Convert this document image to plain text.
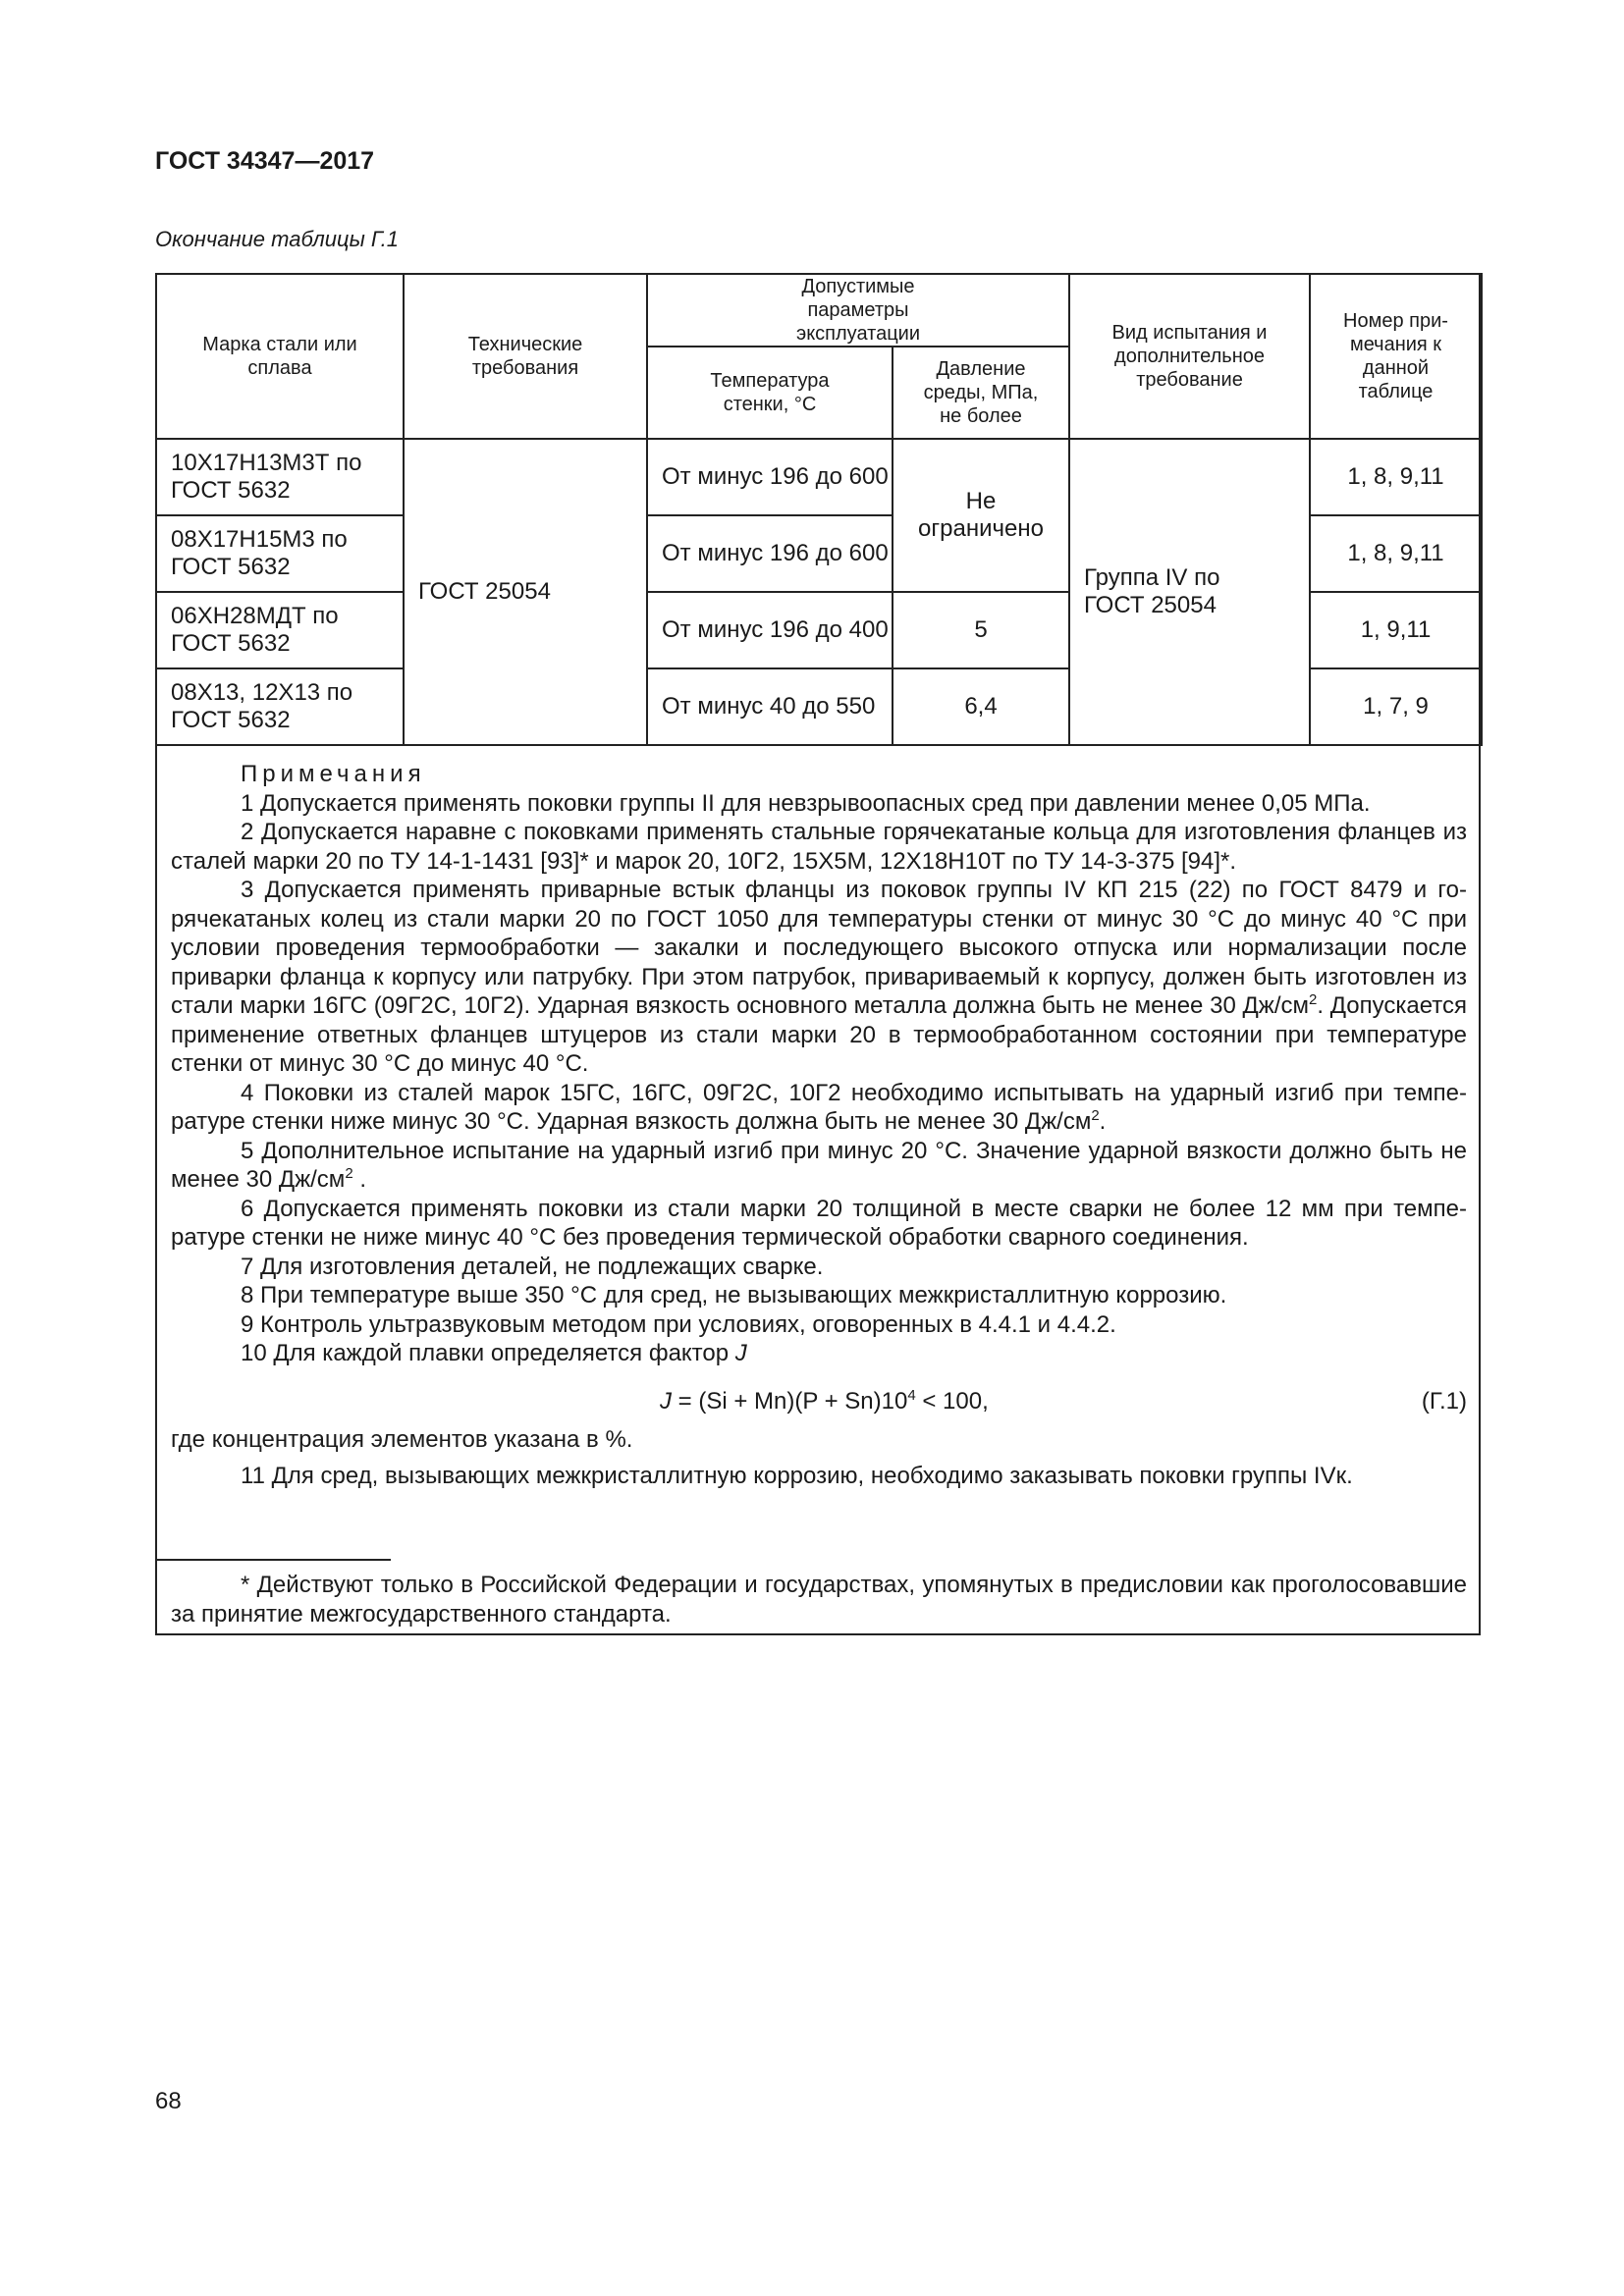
ГОСТ 34347—2017
Окончание таблицы Г.1
Марка стали или сплава	Технические требования	Допустимые параметры эксплуатации		Вид испытания и дополнительное требование	Номер примечания к данной таблице
		Температура стенки, °С	Давление среды, МПа, не более		
10Х17Н13М3Т по ГОСТ 5632	ГОСТ 25054	От минус 196 до 600	Не ограничено	Группа IV по ГОСТ 25054	1, 8, 9,11
08Х17Н15М3 по ГОСТ 5632		От минус 196 до 600			1, 8, 9,11
06ХН28МДТ по ГОСТ 5632		От минус 196 до 400	5		1, 9,11
08Х13, 12Х13 по ГОСТ 5632		От минус 40 до 550	6,4		1, 7, 9

Примечания

1 Допускается применять поковки группы II для невзрывоопасных сред при давлении менее 0,05 МПа.

2 Допускается наравне с поковками применять стальные горячекатаные кольца для изготовления фланцев из сталей марки 20 по ТУ 14-1-1431 [93]* и марок 20, 10Г2, 15Х5М, 12Х18Н10Т по ТУ 14-3-375 [94]*.

3 Допускается применять приварные встык фланцы из поковок группы IV КП 215 (22) по ГОСТ 8479 и горячекатаных колец из стали марки 20 по ГОСТ 1050 для температуры стенки от минус 30 °С до минус 40 °С при условии проведения термообработки — закалки и последующего высокого отпуска или нормализации после приварки фланца к корпусу или патрубку. При этом патрубок, привариваемый к корпусу, должен быть изготовлен из стали марки 16ГС (09Г2С, 10Г2). Ударная вязкость основного металла должна быть не менее 30 $Дж/см^2$. Допускается применение ответных фланцев штуцеров из стали марки 20 в термообработанном состоянии при температуре стенки от минус 30 °С до минус 40 °С.

4 Поковки из сталей марок 15ГС, 16ГС, 09Г2С, 10Г2 необходимо испытывать на ударный изгиб при температуре стенки ниже минус 30 °С. Ударная вязкость должна быть не менее 30 $Дж/см^2$.

5 Дополнительное испытание на ударный изгиб при минус 20 °С. Значение ударной вязкости должно быть не менее 30 $Дж/см^2$ .

6 Допускается применять поковки из стали марки 20 толщиной в месте сварки не более 12 мм при температуре стенки не ниже минус 40 °С без проведения термической обработки сварного соединения.

7 Для изготовления деталей, не подлежащих сварке.

8 При температуре выше 350 °С для сред, не вызывающих межкристаллитную коррозию.

9 Контроль ультразвуковым методом при условиях, оговоренных в 4.4.1 и 4.4.2.

10 Для каждой плавки определяется фактор J

$J = (Si + Mn)(P + Sn)10^4 < 100$,	(Г.1)

где концентрация элементов указана в %.

11 Для сред, вызывающих межкристаллитную коррозию, необходимо заказывать поковки группы IVк.

* Действуют только в Российской Федерации и государствах, упомянутых в предисловии как проголосовавшие за принятие межгосударственного стандарта.
68
